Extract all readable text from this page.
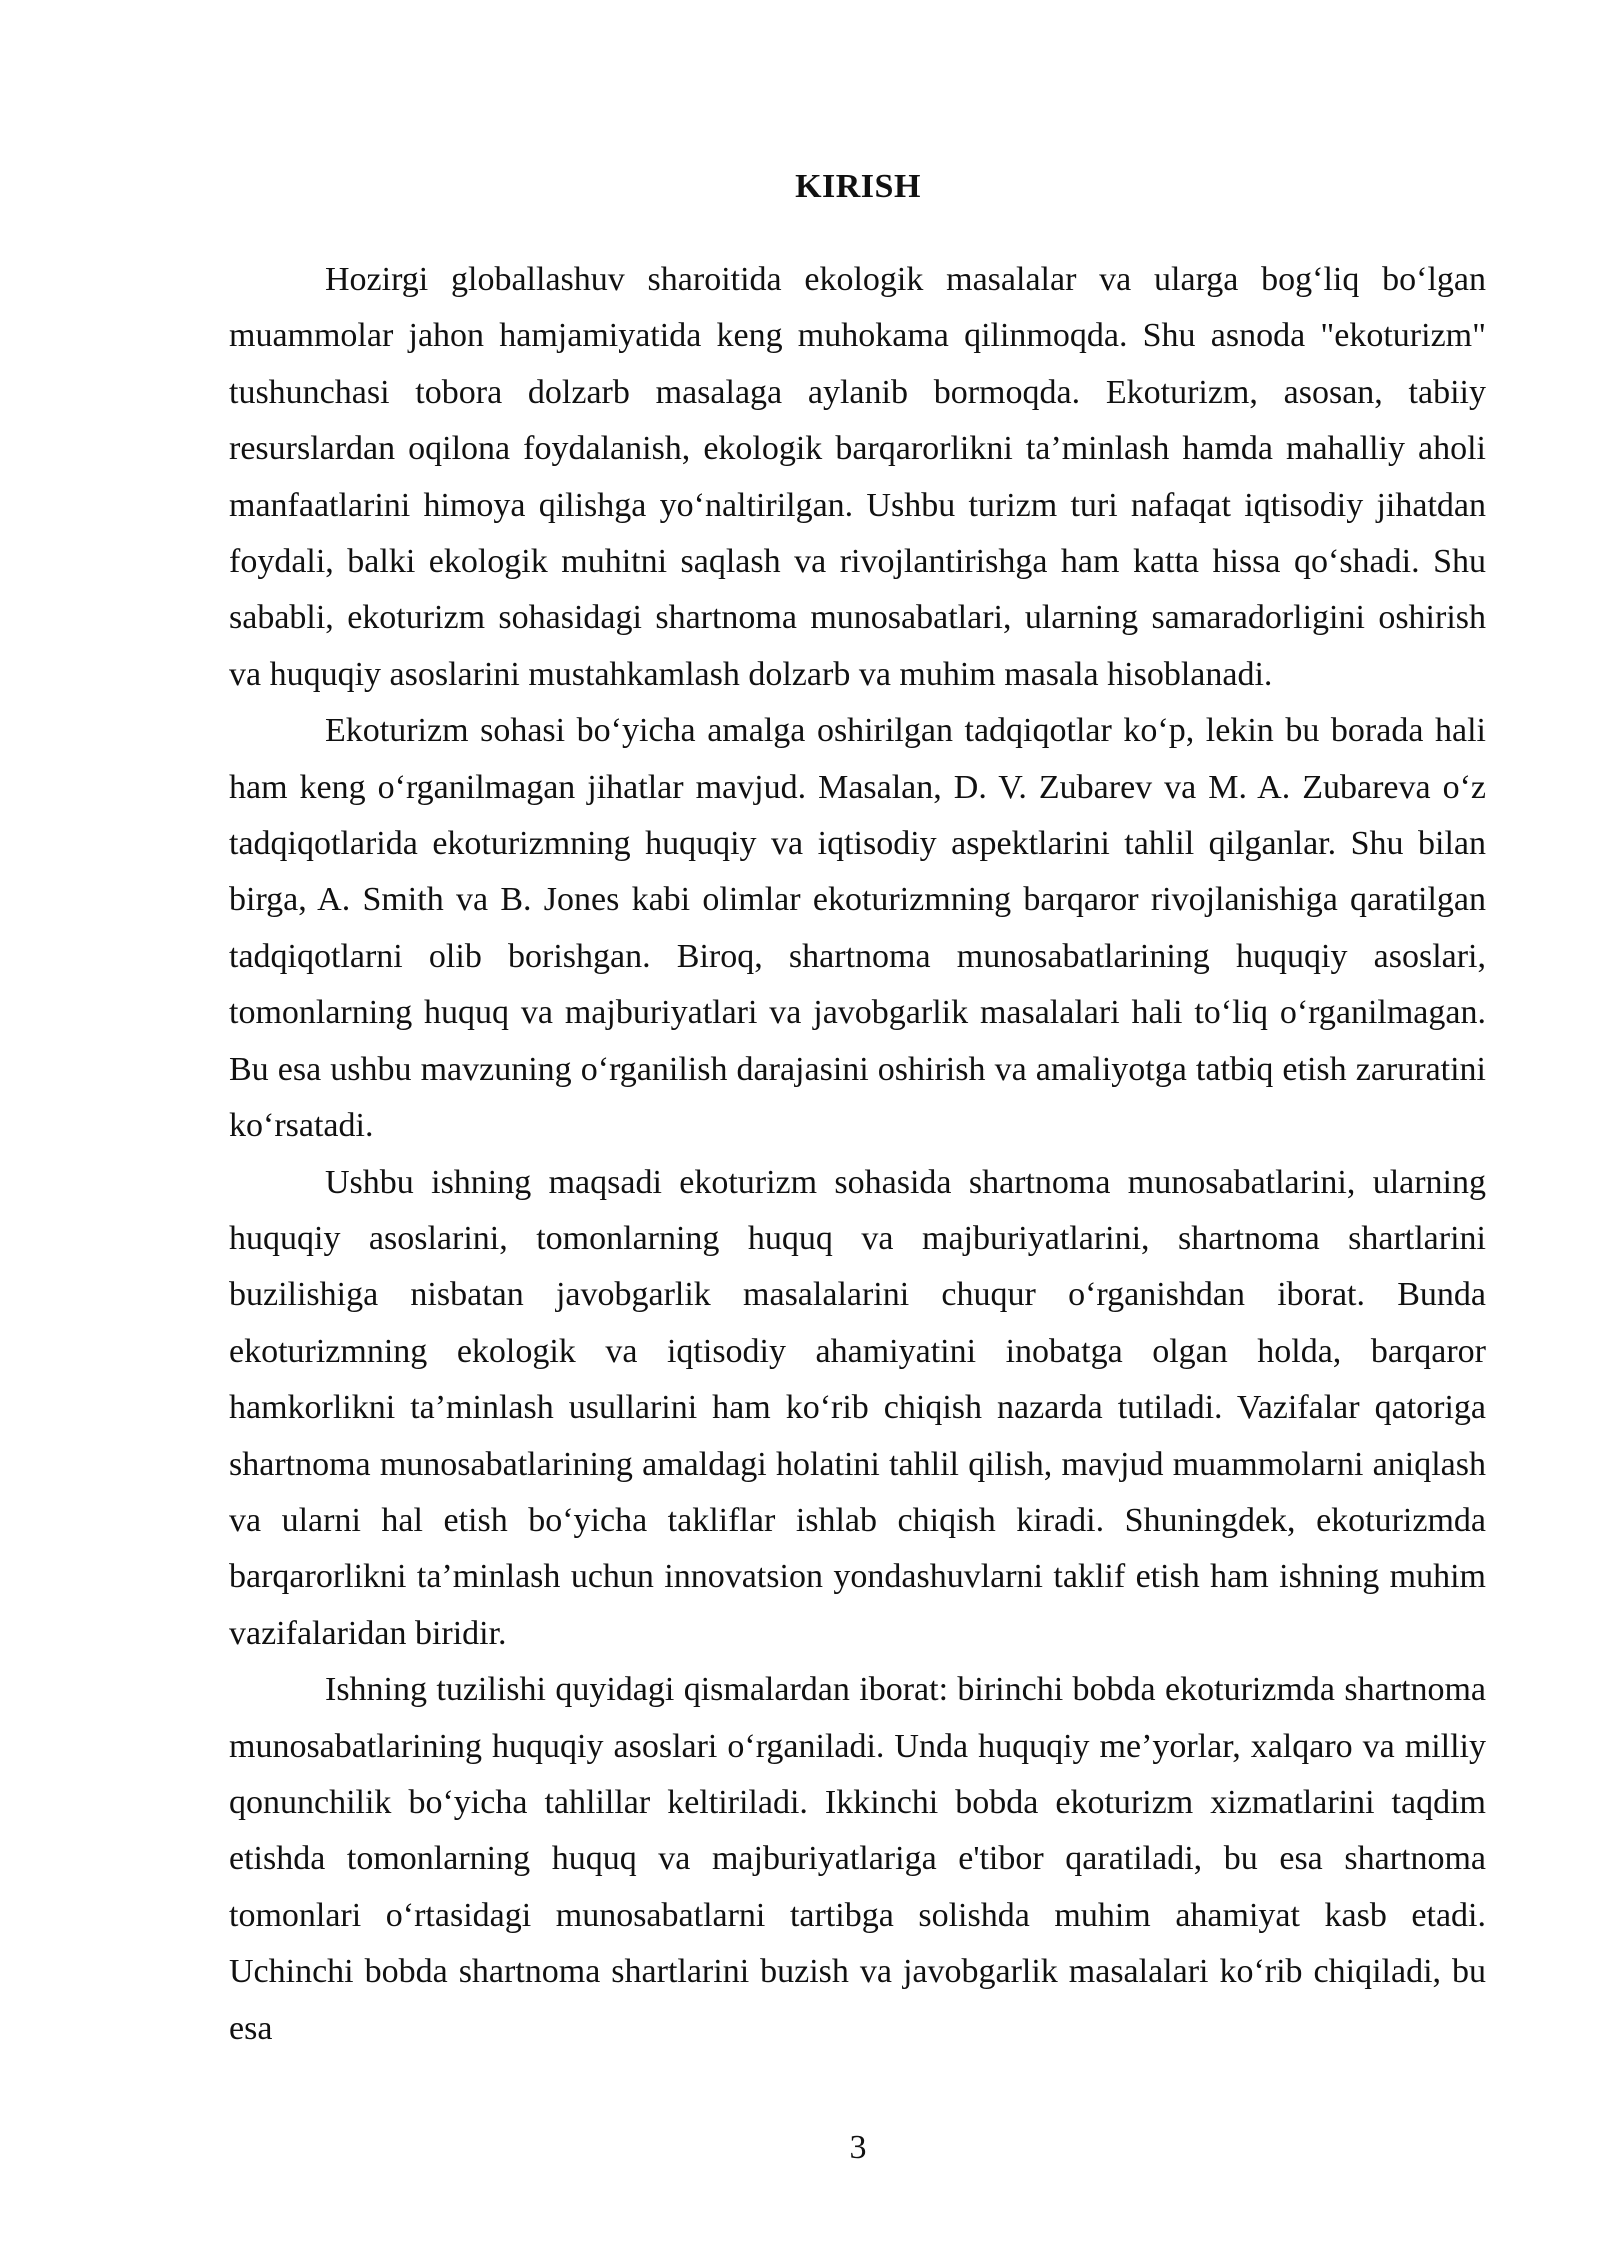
KIRISH

Hozirgi globallashuv sharoitida ekologik masalalar va ularga bog‘liq bo‘lgan muammolar jahon hamjamiyatida keng muhokama qilinmoqda. Shu asnoda "ekoturizm" tushunchasi tobora dolzarb masalaga aylanib bormoqda. Ekoturizm, asosan, tabiiy resurslardan oqilona foydalanish, ekologik barqarorlikni ta’minlash hamda mahalliy aholi manfaatlarini himoya qilishga yo‘naltirilgan. Ushbu turizm turi nafaqat iqtisodiy jihatdan foydali, balki ekologik muhitni saqlash va rivojlantirishga ham katta hissa qo‘shadi. Shu sababli, ekoturizm sohasidagi shartnoma munosabatlari, ularning samaradorligini oshirish va huquqiy asoslarini mustahkamlash dolzarb va muhim masala hisoblanadi.

Ekoturizm sohasi bo‘yicha amalga oshirilgan tadqiqotlar ko‘p, lekin bu borada hali ham keng o‘rganilmagan jihatlar mavjud. Masalan, D. V. Zubarev va M. A. Zubareva o‘z tadqiqotlarida ekoturizmning huquqiy va iqtisodiy aspektlarini tahlil qilganlar. Shu bilan birga, A. Smith va B. Jones kabi olimlar ekoturizmning barqaror rivojlanishiga qaratilgan tadqiqotlarni olib borishgan. Biroq, shartnoma munosabatlarining huquqiy asoslari, tomonlarning huquq va majburiyatlari va javobgarlik masalalari hali to‘liq o‘rganilmagan. Bu esa ushbu mavzuning o‘rganilish darajasini oshirish va amaliyotga tatbiq etish zaruratini ko‘rsatadi.

Ushbu ishning maqsadi ekoturizm sohasida shartnoma munosabatlarini, ularning huquqiy asoslarini, tomonlarning huquq va majburiyatlarini, shartnoma shartlarini buzilishiga nisbatan javobgarlik masalalarini chuqur o‘rganishdan iborat. Bunda ekoturizmning ekologik va iqtisodiy ahamiyatini inobatga olgan holda, barqaror hamkorlikni ta’minlash usullarini ham ko‘rib chiqish nazarda tutiladi. Vazifalar qatoriga shartnoma munosabatlarining amaldagi holatini tahlil qilish, mavjud muammolarni aniqlash va ularni hal etish bo‘yicha takliflar ishlab chiqish kiradi. Shuningdek, ekoturizmda barqarorlikni ta’minlash uchun innovatsion yondashuvlarni taklif etish ham ishning muhim vazifalaridan biridir.

Ishning tuzilishi quyidagi qismalardan iborat: birinchi bobda ekoturizmda shartnoma munosabatlarining huquqiy asoslari o‘rganiladi. Unda huquqiy me’yorlar, xalqaro va milliy qonunchilik bo‘yicha tahlillar keltiriladi. Ikkinchi bobda ekoturizm xizmatlarini taqdim etishda tomonlarning huquq va majburiyatlariga e'tibor qaratiladi, bu esa shartnoma tomonlari o‘rtasidagi munosabatlarni tartibga solishda muhim ahamiyat kasb etadi. Uchinchi bobda shartnoma shartlarini buzish va javobgarlik masalalari ko‘rib chiqiladi, bu esa

3
